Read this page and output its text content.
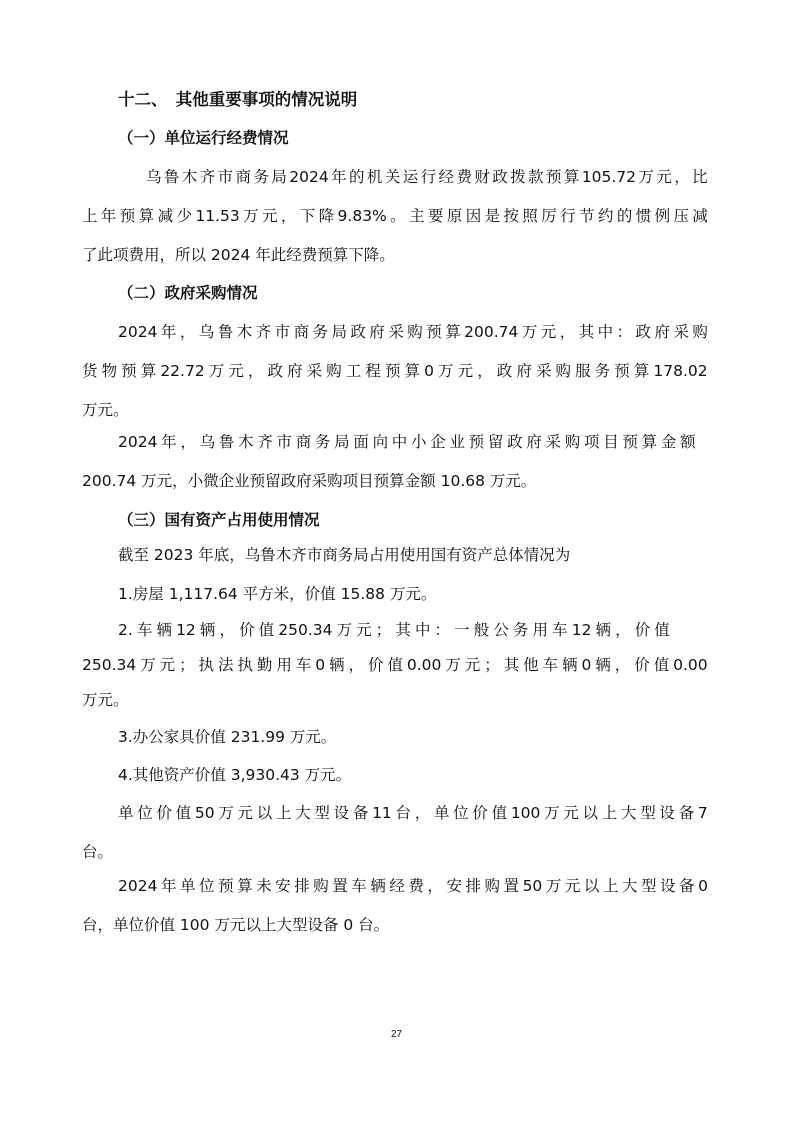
十二、　其他重要事项的情况说明
（一）单位运行经费情况
乌 鲁 木 齐 市 商 务 局 2024 年 的 机 关 运 行 经 费 财 政 拨 款 预 算 105.72 万 元 ， 比
上 年 预 算 减 少 11.53 万 元 ， 下 降 9.83% 。 主 要 原 因 是 按 照 厉 行 节 约 的 惯 例 压 减
了此项费用，所以 2024 年此经费预算下降。
（二）政府采购情况
2024 年 ， 乌 鲁 木 齐 市 商 务 局 政 府 采 购 预 算 200.74 万 元 ， 其 中 ： 政 府 采 购
货 物 预 算 22.72 万 元 ， 政 府 采 购 工 程 预 算 0 万 元 ， 政 府 采 购 服 务 预 算 178.02
万元。
2024 年 ， 乌 鲁 木 齐 市 商 务 局 面 向 中 小 企 业 预 留 政 府 采 购 项 目 预 算 金 额
200.74 万元，小微企业预留政府采购项目预算金额 10.68 万元。
（三）国有资产占用使用情况
截至 2023 年底，乌鲁木齐市商务局占用使用国有资产总体情况为
1.房屋 1,117.64 平方米，价值 15.88 万元。
2. 车 辆 12 辆 ， 价 值 250.34 万 元 ； 其 中 ： 一 般 公 务 用 车 12 辆 ， 价 值
250.34 万 元 ； 执 法 执 勤 用 车 0 辆 ， 价 值 0.00 万 元 ； 其 他 车 辆 0 辆 ， 价 值 0.00
万元。
3.办公家具价值 231.99 万元。
4.其他资产价值 3,930.43 万元。
单 位 价 值 50 万 元 以 上 大 型 设 备 11 台 ， 单 位 价 值 100 万 元 以 上 大 型 设 备 7
台。
2024 年 单 位 预 算 未 安 排 购 置 车 辆 经 费 ， 安 排 购 置 50 万 元 以 上 大 型 设 备 0
台，单位价值 100 万元以上大型设备 0 台。
27
